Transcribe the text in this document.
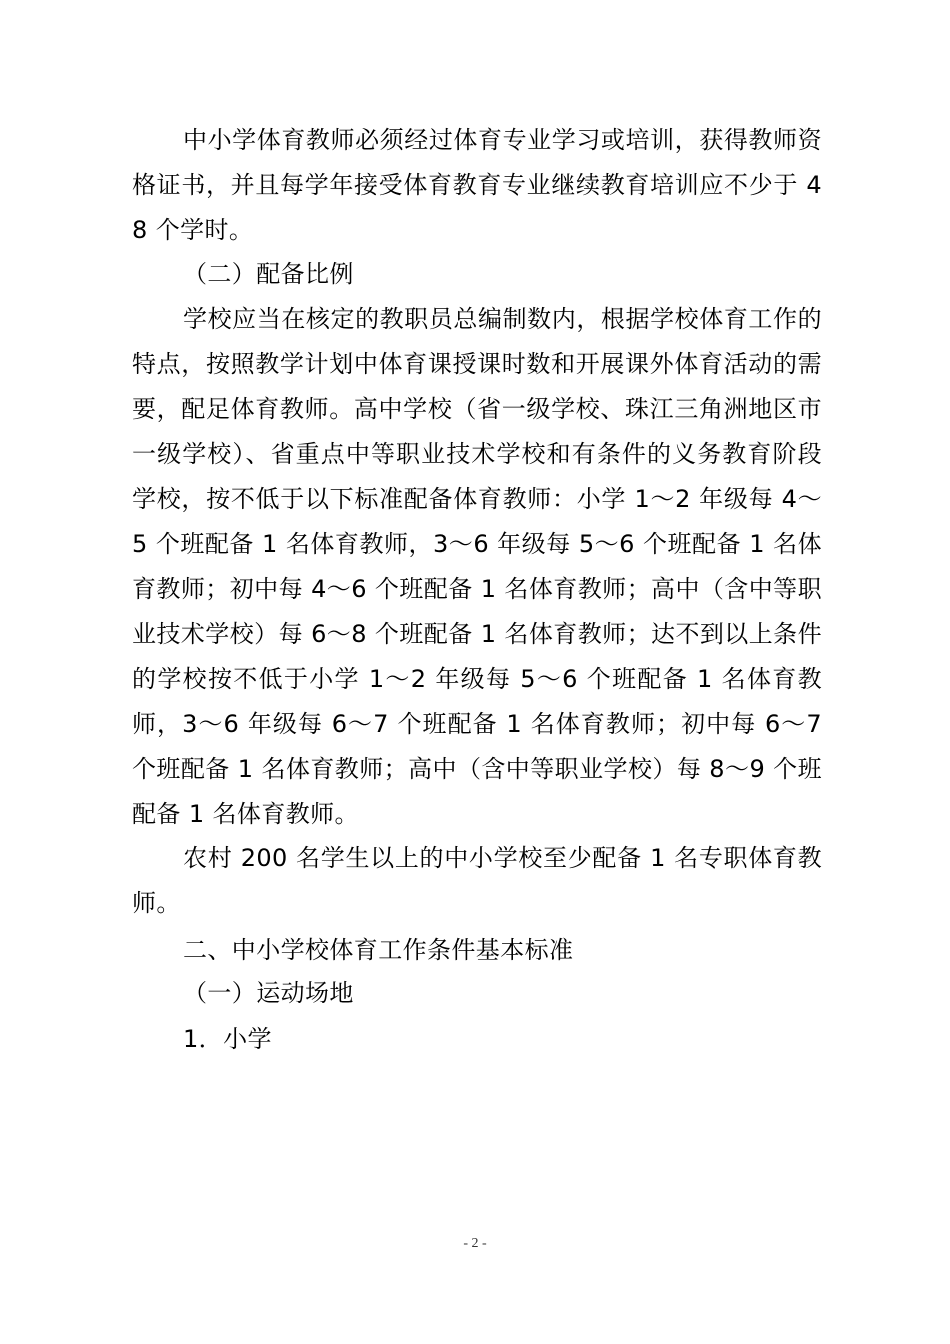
中小学体育教师必须经过体育专业学习或培训，获得教师资格证书，并且每学年接受体育教育专业继续教育培训应不少于 48 个学时。

（二）配备比例

学校应当在核定的教职员总编制数内，根据学校体育工作的特点，按照教学计划中体育课授课时数和开展课外体育活动的需要，配足体育教师。高中学校（省一级学校、珠江三角洲地区市一级学校）、省重点中等职业技术学校和有条件的义务教育阶段学校，按不低于以下标准配备体育教师：小学 1～2 年级每 4～5 个班配备 1 名体育教师，3～6 年级每 5～6 个班配备 1 名体育教师；初中每 4～6 个班配备 1 名体育教师；高中（含中等职业技术学校）每 6～8 个班配备 1 名体育教师；达不到以上条件的学校按不低于小学 1～2 年级每 5～6 个班配备 1 名体育教师，3～6 年级每 6～7 个班配备 1 名体育教师；初中每 6～7 个班配备 1 名体育教师；高中（含中等职业学校）每 8～9 个班配备 1 名体育教师。

农村 200 名学生以上的中小学校至少配备 1 名专职体育教师。

二、中小学校体育工作条件基本标准

（一）运动场地

1．小学

- 2 -
